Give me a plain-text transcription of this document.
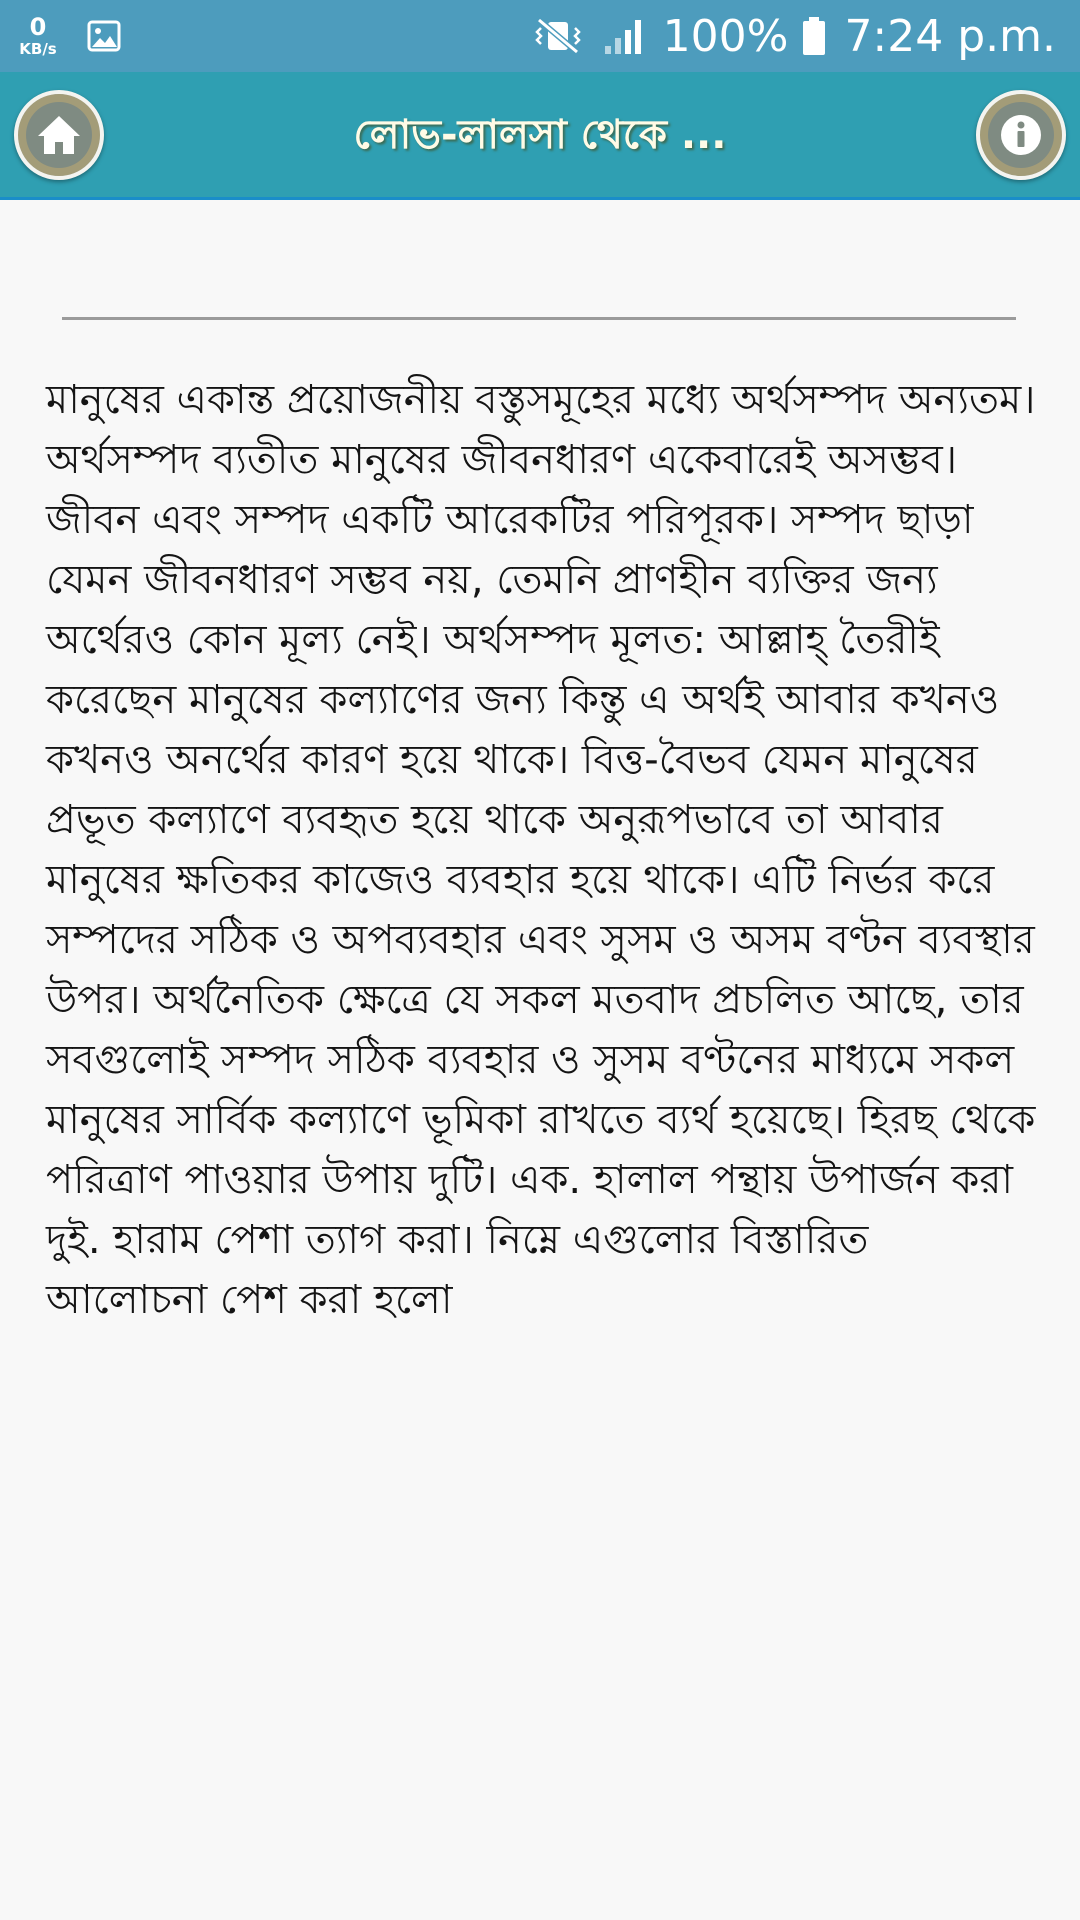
0
KB/s	100% 7:24 p.m.
লোভ-লালসা থেকে ...

মানুষের একান্ত প্রয়োজনীয় বস্তুসমূহের মধ্যে অর্থসম্পদ অন্যতম। অর্থসম্পদ ব্যতীত মানুষের জীবনধারণ একেবারেই অসম্ভব। জীবন এবং সম্পদ একটি আরেকটির পরিপূরক। সম্পদ ছাড়া যেমন জীবনধারণ সম্ভব নয়, তেমনি প্রাণহীন ব্যক্তির জন্য অর্থেরও কোন মূল্য নেই। অর্থসম্পদ মূলত: আল্লাহ্ তৈরীই করেছেন মানুষের কল্যাণের জন্য কিন্তু এ অর্থই আবার কখনও কখনও অনর্থের কারণ হয়ে থাকে। বিত্ত-বৈভব যেমন মানুষের প্রভূত কল্যাণে ব্যবহৃত হয়ে থাকে অনুরূপভাবে তা আবার মানুষের ক্ষতিকর কাজেও ব্যবহার হয়ে থাকে। এটি নির্ভর করে সম্পদের সঠিক ও অপব্যবহার এবং সুসম ও অসম বণ্টন ব্যবস্থার উপর। অর্থনৈতিক ক্ষেত্রে যে সকল মতবাদ প্রচলিত আছে, তার সবগুলোই সম্পদ সঠিক ব্যবহার ও সুসম বণ্টনের মাধ্যমে সকল মানুষের সার্বিক কল্যাণে ভূমিকা রাখতে ব্যর্থ হয়েছে। হিরছ থেকে পরিত্রাণ পাওয়ার উপায় দুটি। এক. হালাল পন্থায় উপার্জন করা দুই. হারাম পেশা ত্যাগ করা। নিম্নে এগুলোর বিস্তারিত আলোচনা পেশ করা হলো
